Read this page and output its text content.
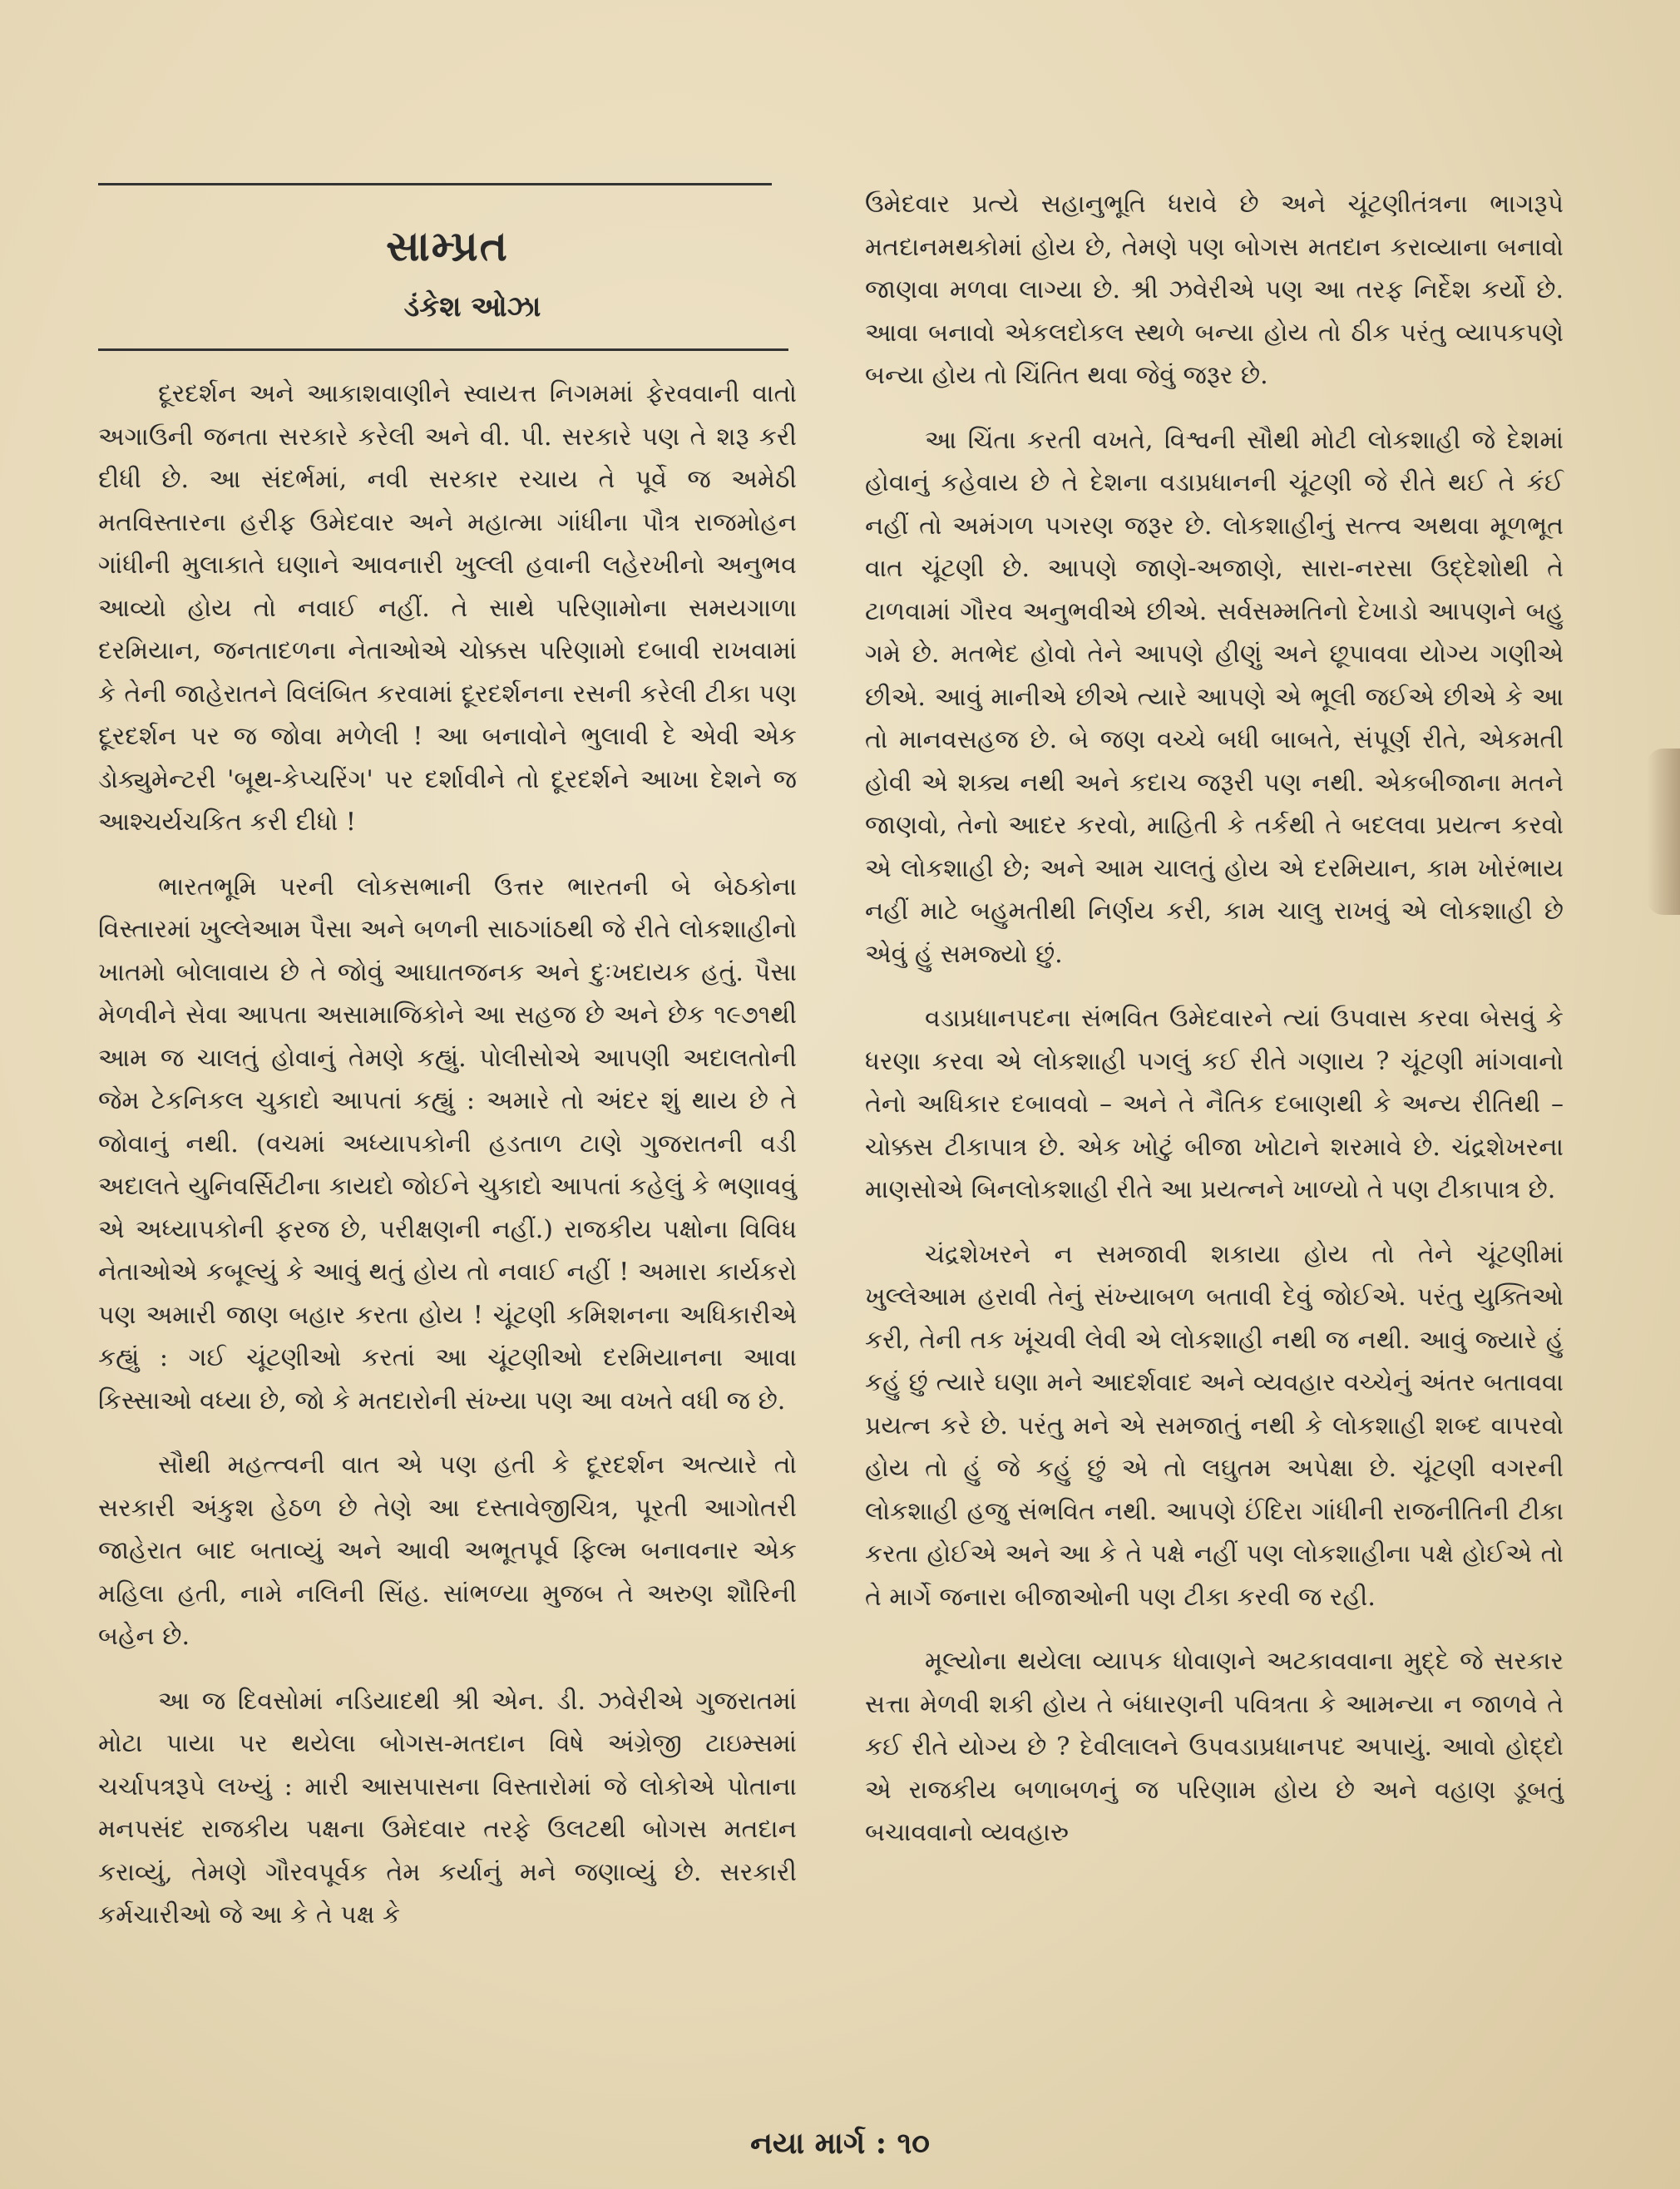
સામ્પ્રત
ડંકેશ ઓઝા

દૂરદર્શન અને આકાશવાણીને સ્વાયત્ત નિગમમાં ફેરવવાની વાતો અગાઉની જનતા સરકારે કરેલી અને વી. પી. સરકારે પણ તે શરૂ કરી દીધી છે. આ સંદર્ભમાં, નવી સરકાર રચાય તે પૂર્વે જ અમેઠી મતવિસ્તારના હરીફ ઉમેદવાર અને મહાત્મા ગાંધીના પૌત્ર રાજમોહન ગાંધીની મુલાકાતે ઘણાને આવનારી ખુલ્લી હવાની લહેરખીનો અનુભવ આવ્યો હોય તો નવાઈ નહીં. તે સાથે પરિણામોના સમયગાળા દરમિયાન, જનતાદળના નેતાઓએ ચોક્કસ પરિણામો દબાવી રાખવામાં કે તેની જાહેરાતને વિલંબિત કરવામાં દૂરદર્શનના રસની કરેલી ટીકા પણ દૂરદર્શન પર જ જોવા મળેલી ! આ બનાવોને ભુલાવી દે એવી એક ડોક્યુમેન્ટરી 'બૂથ-કેપ્ચરિંગ' પર દર્શાવીને તો દૂરદર્શને આખા દેશને જ આશ્ચર્યચકિત કરી દીધો !

ભારતભૂમિ પરની લોકસભાની ઉત્તર ભારતની બે બેઠકોના વિસ્તારમાં ખુલ્લેઆમ પૈસા અને બળની સાઠગાંઠથી જે રીતે લોકશાહીનો ખાતમો બોલાવાય છે તે જોવું આઘાતજનક અને દુઃખદાયક હતું. પૈસા મેળવીને સેવા આપતા અસામાજિકોને આ સહજ છે અને છેક ૧૯૭૧થી આમ જ ચાલતું હોવાનું તેમણે કહ્યું. પોલીસોએ આપણી અદાલતોની જેમ ટેકનિકલ ચુકાદો આપતાં કહ્યું : અમારે તો અંદર શું થાય છે તે જોવાનું નથી. (વચમાં અધ્યાપકોની હડતાળ ટાણે ગુજરાતની વડી અદાલતે યુનિવર્સિટીના કાયદો જોઈને ચુકાદો આપતાં કહેલું કે ભણાવવું એ અધ્યાપકોની ફરજ છે, પરીક્ષણની નહીં.) રાજકીય પક્ષોના વિવિધ નેતાઓએ કબૂલ્યું કે આવું થતું હોય તો નવાઈ નહીં ! અમારા કાર્યકરો પણ અમારી જાણ બહાર કરતા હોય ! ચૂંટણી કમિશનના અધિકારીએ કહ્યું : ગઈ ચૂંટણીઓ કરતાં આ ચૂંટણીઓ દરમિયાનના આવા કિસ્સાઓ વધ્યા છે, જો કે મતદારોની સંખ્યા પણ આ વખતે વધી જ છે.

સૌથી મહત્ત્વની વાત એ પણ હતી કે દૂરદર્શન અત્યારે તો સરકારી અંકુશ હેઠળ છે તેણે આ દસ્તાવેજીચિત્ર, પૂરતી આગોતરી જાહેરાત બાદ બતાવ્યું અને આવી અભૂતપૂર્વ ફિલ્મ બનાવનાર એક મહિલા હતી, નામે નલિની સિંહ. સાંભળ્યા મુજબ તે અરુણ શૌરિની બહેન છે.

આ જ દિવસોમાં નડિયાદથી શ્રી એન. ડી. ઝવેરીએ ગુજરાતમાં મોટા પાયા પર થયેલા બોગસ-મતદાન વિષે અંગ્રેજી ટાઇમ્સમાં ચર્ચાપત્રરૂપે લખ્યું : મારી આસપાસના વિસ્તારોમાં જે લોકોએ પોતાના મનપસંદ રાજકીય પક્ષના ઉમેદવાર તરફે ઉલટથી બોગસ મતદાન કરાવ્યું, તેમણે ગૌરવપૂર્વક તેમ કર્યાનું મને જણાવ્યું છે. સરકારી કર્મચારીઓ જે આ કે તે પક્ષ કે

ઉમેદવાર પ્રત્યે સહાનુભૂતિ ધરાવે છે અને ચૂંટણીતંત્રના ભાગરૂપે મતદાનમથકોમાં હોય છે, તેમણે પણ બોગસ મતદાન કરાવ્યાના બનાવો જાણવા મળવા લાગ્યા છે. શ્રી ઝવેરીએ પણ આ તરફ નિર્દેશ કર્યો છે. આવા બનાવો એકલદોકલ સ્થળે બન્યા હોય તો ઠીક પરંતુ વ્યાપકપણે બન્યા હોય તો ચિંતિત થવા જેવું જરૂર છે.

આ ચિંતા કરતી વખતે, વિશ્વની સૌથી મોટી લોકશાહી જે દેશમાં હોવાનું કહેવાય છે તે દેશના વડાપ્રધાનની ચૂંટણી જે રીતે થઈ તે કંઈ નહીં તો અમંગળ પગરણ જરૂર છે. લોકશાહીનું સત્ત્વ અથવા મૂળભૂત વાત ચૂંટણી છે. આપણે જાણે-અજાણે, સારા-નરસા ઉદ્દેશોથી તે ટાળવામાં ગૌરવ અનુભવીએ છીએ. સર્વસમ્મતિનો દેખાડો આપણને બહુ ગમે છે. મતભેદ હોવો તેને આપણે હીણું અને છૂપાવવા યોગ્ય ગણીએ છીએ. આવું માનીએ છીએ ત્યારે આપણે એ ભૂલી જઈએ છીએ કે આ તો માનવસહજ છે. બે જણ વચ્ચે બધી બાબતે, સંપૂર્ણ રીતે, એકમતી હોવી એ શક્ય નથી અને કદાચ જરૂરી પણ નથી. એકબીજાના મતને જાણવો, તેનો આદર કરવો, માહિતી કે તર્કથી તે બદલવા પ્રયત્ન કરવો એ લોકશાહી છે; અને આમ ચાલતું હોય એ દરમિયાન, કામ ખોરંભાય નહીં માટે બહુમતીથી નિર્ણય કરી, કામ ચાલુ રાખવું એ લોકશાહી છે એવું હું સમજ્યો છું.

વડાપ્રધાનપદના સંભવિત ઉમેદવારને ત્યાં ઉપવાસ કરવા બેસવું કે ધરણા કરવા એ લોકશાહી પગલું કઈ રીતે ગણાય ? ચૂંટણી માંગવાનો તેનો અધિકાર દબાવવો – અને તે નૈતિક દબાણથી કે અન્ય રીતિથી – ચોક્કસ ટીકાપાત્ર છે. એક ખોટું બીજા ખોટાને શરમાવે છે. ચંદ્રશેખરના માણસોએ બિનલોકશાહી રીતે આ પ્રયત્નને ખાળ્યો તે પણ ટીકાપાત્ર છે.

ચંદ્રશેખરને ન સમજાવી શકાયા હોય તો તેને ચૂંટણીમાં ખુલ્લેઆમ હરાવી તેનું સંખ્યાબળ બતાવી દેવું જોઈએ. પરંતુ યુક્તિઓ કરી, તેની તક ખૂંચવી લેવી એ લોકશાહી નથી જ નથી. આવું જ્યારે હું કહું છું ત્યારે ઘણા મને આદર્શવાદ અને વ્યવહાર વચ્ચેનું અંતર બતાવવા પ્રયત્ન કરે છે. પરંતુ મને એ સમજાતું નથી કે લોકશાહી શબ્દ વાપરવો હોય તો હું જે કહું છું એ તો લઘુતમ અપેક્ષા છે. ચૂંટણી વગરની લોકશાહી હજુ સંભવિત નથી. આપણે ઈંદિરા ગાંધીની રાજનીતિની ટીકા કરતા હોઈએ અને આ કે તે પક્ષે નહીં પણ લોકશાહીના પક્ષે હોઈએ તો તે માર્ગે જનારા બીજાઓની પણ ટીકા કરવી જ રહી.

મૂલ્યોના થયેલા વ્યાપક ધોવાણને અટકાવવાના મુદ્દે જે સરકાર સત્તા મેળવી શકી હોય તે બંધારણની પવિત્રતા કે આમન્યા ન જાળવે તે કઈ રીતે યોગ્ય છે ? દેવીલાલને ઉપવડાપ્રધાનપદ અપાયું. આવો હોદ્દો એ રાજકીય બળાબળનું જ પરિણામ હોય છે અને વહાણ ડૂબતું બચાવવાનો વ્યવહારુ

નયા માર્ગ : ૧૦
